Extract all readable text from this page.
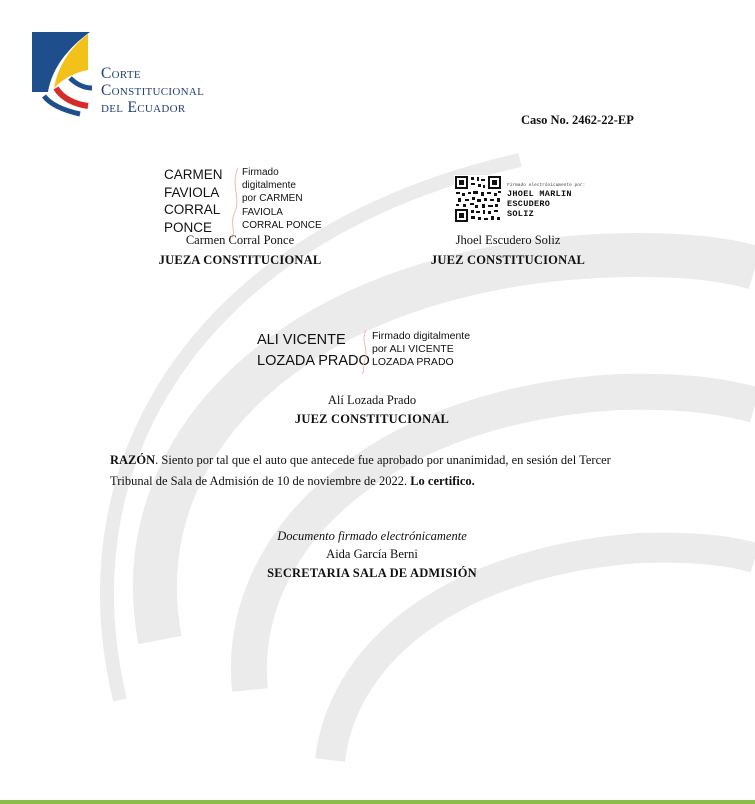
Corte
Constitucional
del Ecuador
Caso No. 2462-22-EP
CARMEN
FAVIOLA
CORRAL
PONCE
Firmado
digitalmente
por CARMEN
FAVIOLA
CORRAL PONCE
Carmen Corral Ponce
JUEZA CONSTITUCIONAL
Firmado electrónicamente por:
JHOEL MARLIN
ESCUDERO
SOLIZ
Jhoel Escudero Soliz
JUEZ CONSTITUCIONAL
ALI VICENTE
LOZADA PRADO
Firmado digitalmente
por ALI VICENTE
LOZADA PRADO
Alí Lozada Prado
JUEZ CONSTITUCIONAL
RAZÓN. Siento por tal que el auto que antecede fue aprobado por unanimidad, en sesión del Tercer Tribunal de Sala de Admisión de 10 de noviembre de 2022. Lo certifico.
Documento firmado electrónicamente
Aida García Berni
SECRETARIA SALA DE ADMISIÓN
